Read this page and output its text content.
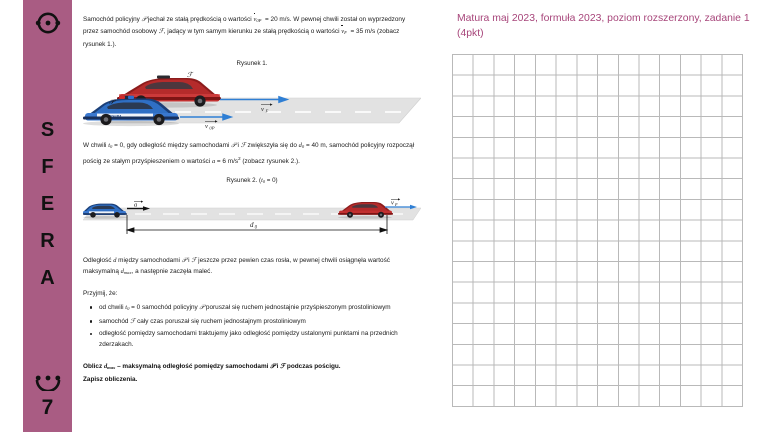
S
F
E
R
A
7

Samochód policyjny 𝒫 jechał ze stałą prędkością o wartości $v_{0P} = 20$ m/s. W pewnej chwili został on wyprzedzony przez samochód osobowy ℱ, jadący w tym samym kierunku ze stałą prędkością o wartości $v_F = 35$ m/s (zobacz rysunek 1.).

Rysunek 1.
ℱ
𝒫
v F
v 0P

W chwili $t_0 = 0$, gdy odległość między samochodami 𝒫 i ℱ zwiększyła się do $d_0 = 40$ m, samochód policyjny rozpoczął pościg ze stałym przyśpieszeniem o wartości a = 6 $m/s^2$ (zobacz rysunek 2.).

Rysunek 2. $(t_0 = 0)$
a	v F
d 0

Odległość d między samochodami 𝒫 i ℱ jeszcze przez pewien czas rosła, w pewnej chwili osiągnęła wartość maksymalną $d_{max}$, a następnie zaczęła maleć.

Przyjmij, że:

od chwili $t_0 = 0$ samochód policyjny 𝒫 poruszał się ruchem jednostajnie przyśpieszonym prostoliniowym
samochód ℱ cały czas poruszał się ruchem jednostajnym prostoliniowym
odległość pomiędzy samochodami traktujemy jako odległość pomiędzy ustalonymi punktami na przednich zderzakach.
Oblicz $d_{max}$ – maksymalną odległość pomiędzy samochodami 𝒫 i ℱ podczas pościgu.
Zapisz obliczenia.
Matura maj 2023, formuła 2023, poziom rozszerzony, zadanie 1 (4pkt)
